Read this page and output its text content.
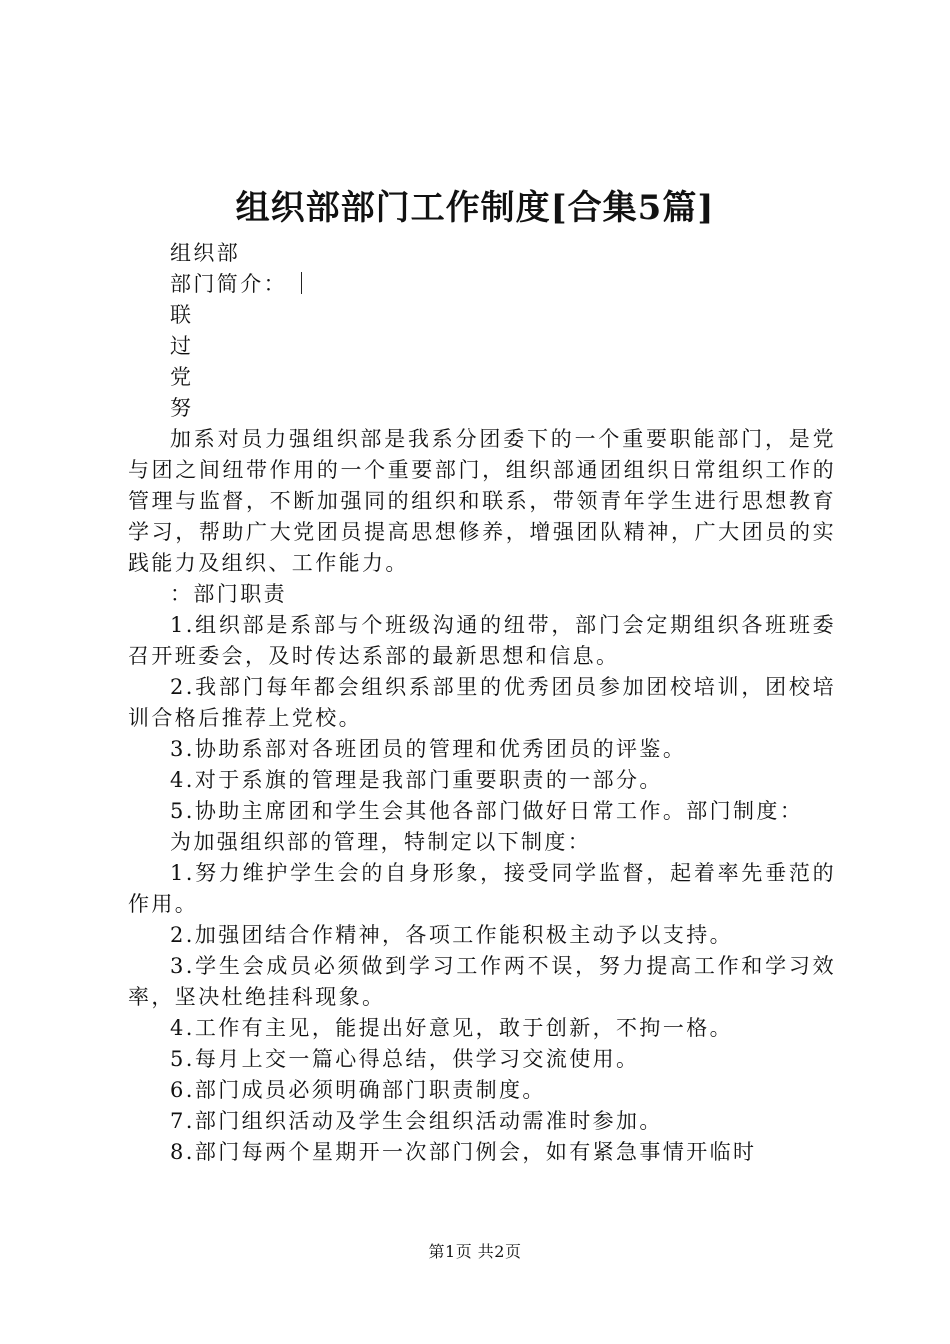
组织部部门工作制度[合集5篇]

组织部

部门简介：

联

过

党

努

加系对员力强组织部是我系分团委下的一个重要职能部门，是党与团之间纽带作用的一个重要部门，组织部通团组织日常组织工作的管理与监督，不断加强同的组织和联系，带领青年学生进行思想教育学习，帮助广大党团员提高思想修养，增强团队精神，广大团员的实践能力及组织、工作能力。

：部门职责

1.组织部是系部与个班级沟通的纽带，部门会定期组织各班班委召开班委会，及时传达系部的最新思想和信息。

2.我部门每年都会组织系部里的优秀团员参加团校培训，团校培训合格后推荐上党校。

3.协助系部对各班团员的管理和优秀团员的评鉴。

4.对于系旗的管理是我部门重要职责的一部分。

5.协助主席团和学生会其他各部门做好日常工作。部门制度：

为加强组织部的管理，特制定以下制度：

1.努力维护学生会的自身形象，接受同学监督，起着率先垂范的作用。

2.加强团结合作精神，各项工作能积极主动予以支持。

3.学生会成员必须做到学习工作两不误，努力提高工作和学习效率，坚决杜绝挂科现象。

4.工作有主见，能提出好意见，敢于创新，不拘一格。

5.每月上交一篇心得总结，供学习交流使用。

6.部门成员必须明确部门职责制度。

7.部门组织活动及学生会组织活动需准时参加。

8.部门每两个星期开一次部门例会，如有紧急事情开临时

第1页 共2页
